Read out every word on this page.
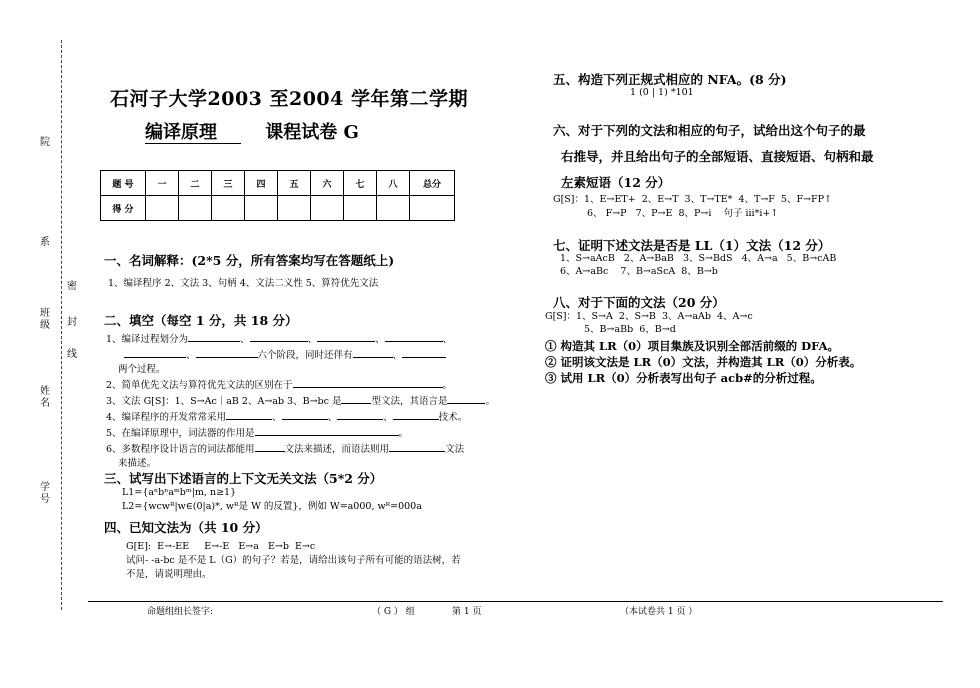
院
系
密
封
线
班
级
姓
名
学
号
石河子大学2003 至2004 学年第二学期
编译原理	课程试卷 G
题 号	一	二	三	四	五	六	七	八	总分
得 分									
一、名词解释：(2*5 分，所有答案均写在答题纸上)
1、编译程序 2、文法 3、句柄 4、文法二义性 5、算符优先文法
二、填空（每空 1 分，共 18 分）
1、编译过程划分为	、	、	、	、
、	六个阶段，同时还伴有	、
两个过程。
2、简单优先文法与算符优先文法的区别在于	。
3、文法 G[S]：1、S→Ac｜aB 2、A→ab 3、B→bc 是	型文法，其语言是	。
4、编译程序的开发常常采用	、	、	、	技术。
5、在编译原理中，词法器的作用是	。
6、多数程序设计语言的词法都能用	文法来描述，而语法则用	文法
来描述。
三、试写出下述语言的上下文无关文法（5*2 分）
L1={aⁿbⁿaᵐbᵐ|m, n≥1}
L2={wcwᴿ|w∈(0|a)*, wᴿ是 W 的反置}，例如 W=a000, wᴿ=000a
四、已知文法为（共 10 分）
G[E]:  E→-EE     E→-E   E→a   E→b  E→c
试问- -a-bc 是不是 L（G）的句子？若是，请给出该句子所有可能的语法树，若
不是，请说明理由。
五、构造下列正规式相应的 NFA。(8 分)
1 (0 | 1) *101
六、对于下列的文法和相应的句子，试给出这个句子的最
右推导，并且给出句子的全部短语、直接短语、句柄和最
左素短语（12 分）
G[S]：1、E→ET+  2、E→T  3、T→TE*  4、T→F  5、F→FP↑
6、 F→P   7、P→E  8、P→i    句子 iii*i+↑
七、证明下述文法是否是 LL（1）文法（12 分）
1、S→aAcB   2、A→BaB   3、S→BdS   4、A→a   5、B→cAB
6、A→aBc    7、B→aScA  8、B→b
八、对于下面的文法（20 分）
G[S]：1、S→A  2、S→B  3、A→aAb  4、A→c
5、B→aBb  6、B→d
① 构造其 LR（0）项目集族及识别全部活前缀的 DFA。
② 证明该文法是 LR（0）文法，并构造其 LR（0）分析表。
③ 试用 LR（0）分析表写出句子 acb#的分析过程。
命题组组长签字:	（ G ） 组	第 1 页	（本试卷共 1 页 ）
